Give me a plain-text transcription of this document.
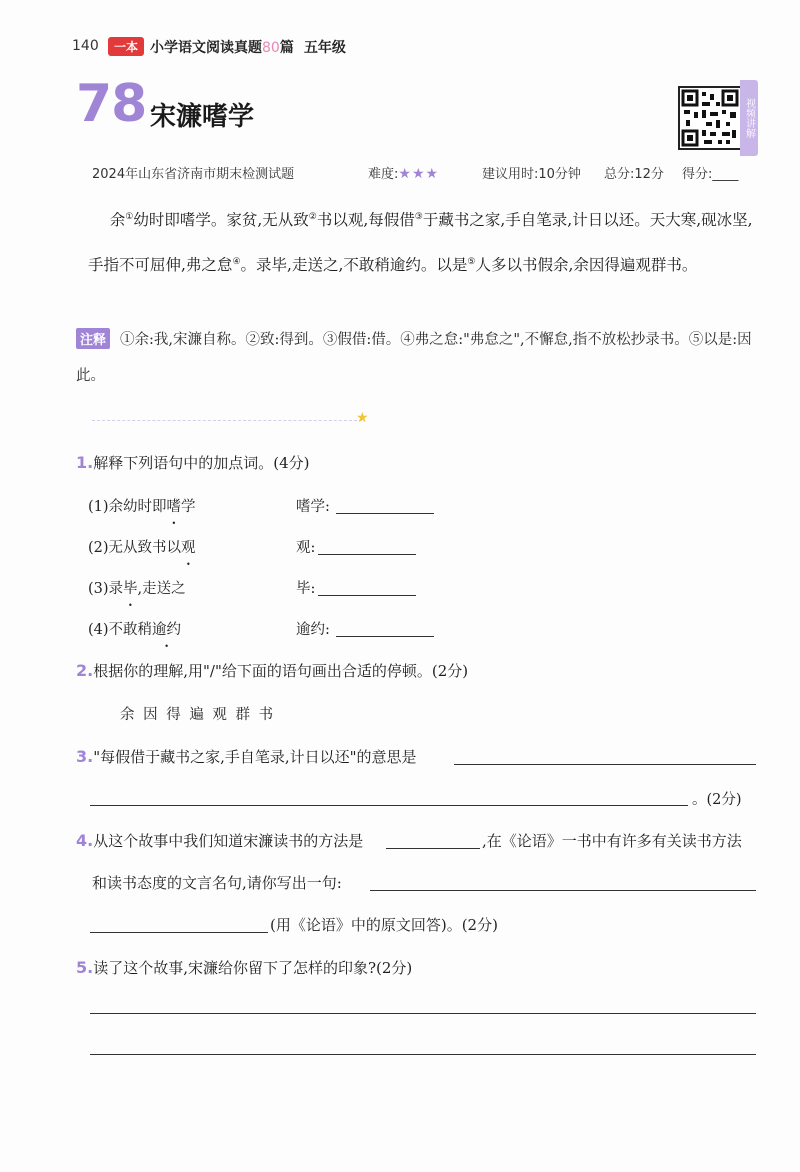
140	一本 小学语文阅读真题80篇 五年级
78 宋濂嗜学	视频讲解
2024年山东省济南市期末检测试题	难度:★★★	建议用时:10分钟 总分:12分 得分:____
余①幼时即嗜学。家贫,无从致②书以观,每假借③于藏书之家,手自笔录,计日以还。天大寒,砚冰坚,手指不可屈伸,弗之怠④。录毕,走送之,不敢稍逾约。以是⑤人多以书假余,余因得遍观群书。
①余:我,宋濂自称。②致:得到。③假借:借。④弗之怠:"弗怠之",不懈怠,指不放松抄录书。⑤以是:因此。
注释
★
1.解释下列语句中的加点词。(4分)
(1)余幼时即嗜学	嗜学:
(2)无从致书以观	观:
(3)录毕,走送之	毕:
(4)不敢稍逾约	逾约:
2.根据你的理解,用"/"给下面的语句画出合适的停顿。(2分)
余 因 得 遍 观 群 书
3."每假借于藏书之家,手自笔录,计日以还"的意思是
。(2分)
4.从这个故事中我们知道宋濂读书的方法是	,在《论语》一书中有许多有关读书方法
和读书态度的文言名句,请你写出一句:
(用《论语》中的原文回答)。(2分)
5.读了这个故事,宋濂给你留下了怎样的印象?(2分)
